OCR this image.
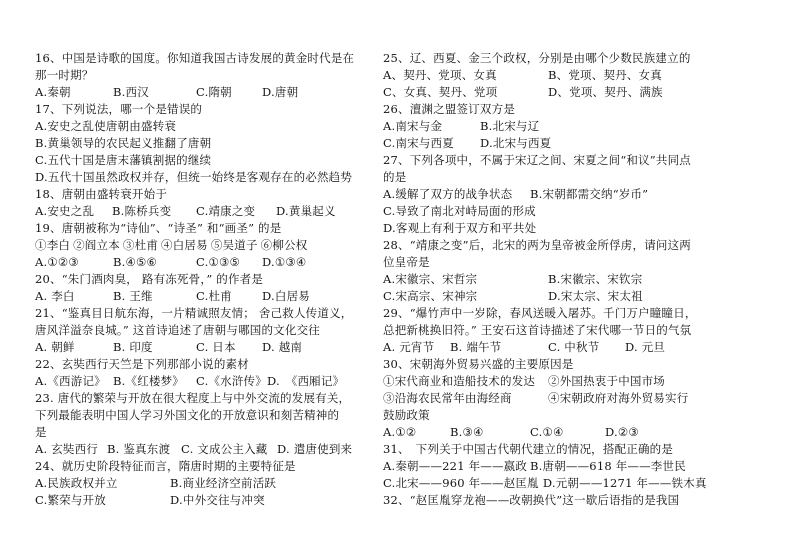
16、中国是诗歌的国度。你知道我国古诗发展的黄金时代是在
那一时期？
A.秦朝	B.西汉	C.隋朝	D.唐朝
17、下列说法，哪一个是错误的
A.安史之乱使唐朝由盛转衰
B.黄巢领导的农民起义推翻了唐朝
C.五代十国是唐末藩镇割据的继续
D.五代十国虽然政权并存，但统一始终是客观存在的必然趋势
18、唐朝由盛转衰开始于
A.安史之乱 B.陈桥兵变 C.靖康之变 D.黄巢起义
19、唐朝被称为“诗仙”、“诗圣” 和“画圣” 的是
①李白 ②阎立本 ③杜甫 ④白居易 ⑤吴道子 ⑥柳公权
A.①②③	B.④⑤⑥	C.①③⑤ D.①③④
20、“朱门酒肉臭， 路有冻死骨，” 的作者是
A. 李白	B. 王维	C.杜甫	D.白居易
21、“鉴真目日航东海，一片精诚照友情； 舍己救人传道义，
唐风洋溢奈良城。” 这首诗追述了唐朝与哪国的文化交往
A. 朝鲜	B. 印度	C. 日本 D. 越南
22、玄奘西行天竺是下列那部小说的素材
A.《西游记》 B.《红楼梦》 C.《水浒传》D.　《西厢记》
23. 唐代的繁荣与开放在很大程度上与中外交流的发展有关，
下列最能表明中国人学习外国文化的开放意识和刻苦精神的
是
A. 玄奘西行 B. 鉴真东渡 C. 文成公主入藏 D. 遣唐使到来
24、就历史阶段特征而言，隋唐时期的主要特征是
A.民族政权并立	B.商业经济空前活跃
C.繁荣与开放	D.中外交往与冲突
25、辽、西夏、金三个政权，分别是由哪个少数民族建立的
A、契丹、党项、女真	B、党项、契丹、女真
C、女真、契丹、党项	D、党项、契丹、满族
26、澶渊之盟签订双方是
A.南宋与金	B.北宋与辽
C.南宋与西夏 D.北宋与西夏
27、下列各项中，不属于宋辽之间、宋夏之间“和议”共同点
的是
A.缓解了双方的战争状态 B.宋朝都需交纳“岁币”
C.导致了南北对峙局面的形成
D.客观上有利于双方和平共处
28、“靖康之变”后，北宋的两为皇帝被金所俘虏，请问这两
位皇帝是
A.宋徽宗、宋哲宗	B.宋徽宗、宋钦宗
C.宋高宗、宋神宗	D.宋太宗、宋太祖
29、“爆竹声中一岁除，春风送暖入屠苏。千门万户瞳瞳日，
总把新桃换旧符。” 王安石这首诗描述了宋代哪一节日的气氛
A. 元宵节 B. 端午节	C. 中秋节 D. 元旦
30、宋朝海外贸易兴盛的主要原因是
①宋代商业和造船技术的发达 ②外国热衷于中国市场
③沿海农民常年由海经商	④宋朝政府对海外贸易实行
鼓励政策
A.①②	B.③④	C.①④	D.②③
31、　下列关于中国古代朝代建立的情况，搭配正确的是
A.秦朝——221 年——嬴政 B.唐朝——618 年——李世民
C.北宋——960 年——赵匡胤 D.元朝——1271 年——铁木真
32、“赵匡胤穿龙袍——改朝换代”这一歇后语指的是我国
